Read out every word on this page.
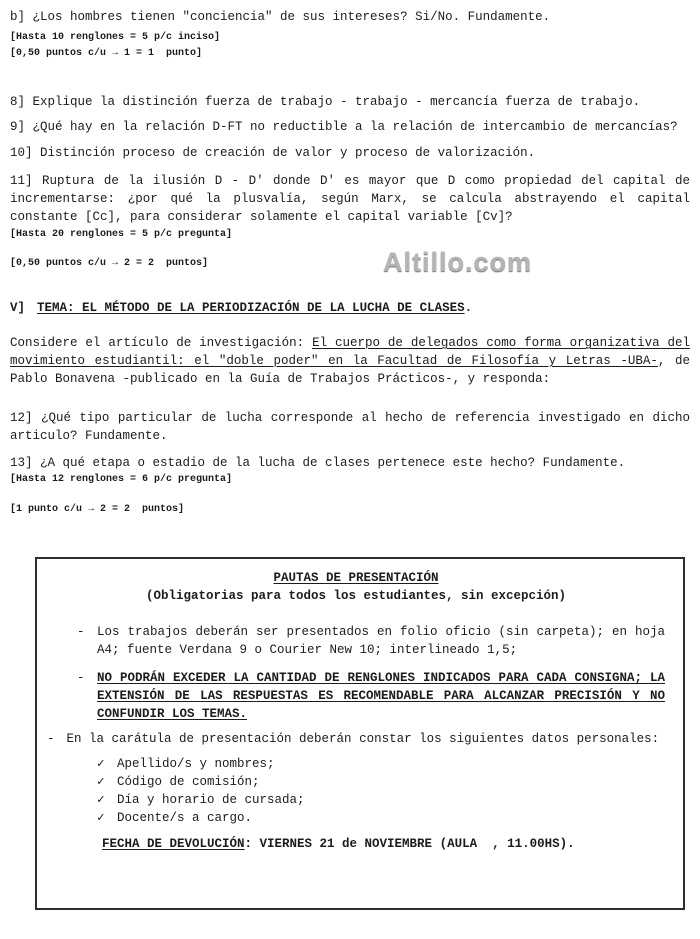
Altillo.com

b] ¿Los hombres tienen "conciencia" de sus intereses? Si/No. Fundamente.

[Hasta 10 renglones = 5 p/c inciso]

[0,50 puntos c/u → 1 = 1  punto]

8] Explique la distinción fuerza de trabajo - trabajo - mercancía fuerza de trabajo.

9] ¿Qué hay en la relación D-FT no reductible a la relación de intercambio de mercancías?

10] Distinción proceso de creación de valor y proceso de valorización.

11] Ruptura de la ilusión D - D' donde D' es mayor que D como propiedad del capital de incrementarse: ¿por qué la plusvalía, según Marx, se calcula abstrayendo el capital constante [Cc], para considerar solamente el capital variable [Cv]?

[Hasta 20 renglones = 5 p/c pregunta]

[0,50 puntos c/u → 2 = 2  puntos]

V] TEMA: EL MÉTODO DE LA PERIODIZACIÓN DE LA LUCHA DE CLASES.

Considere el artículo de investigación: El cuerpo de delegados como forma organizativa del movimiento estudiantil: el "doble poder" en la Facultad de Filosofía y Letras -UBA-, de Pablo Bonavena -publicado en la Guía de Trabajos Prácticos-, y responda:

12] ¿Qué tipo particular de lucha corresponde al hecho de referencia investigado en dicho articulo? Fundamente.

13] ¿A qué etapa o estadio de la lucha de clases pertenece este hecho? Fundamente.

[Hasta 12 renglones = 6 p/c pregunta]

[1 punto c/u → 2 = 2  puntos]

PAUTAS DE PRESENTACIÓN

(Obligatorias para todos los estudiantes, sin excepción)

- Los trabajos deberán ser presentados en folio oficio (sin carpeta); en hoja A4; fuente Verdana 9 o Courier New 10; interlineado 1,5;
- NO PODRÁN EXCEDER LA CANTIDAD DE RENGLONES INDICADOS PARA CADA CONSIGNA; LA EXTENSIÓN DE LAS RESPUESTAS ES RECOMENDABLE PARA ALCANZAR PRECISIÓN Y NO CONFUNDIR LOS TEMAS.

- En la carátula de presentación deberán constar los siguientes datos personales:

✓ Apellido/s y nombres;
✓ Código de comisión;
✓ Día y horario de cursada;
✓ Docente/s a cargo.

FECHA DE DEVOLUCIÓN: VIERNES 21 de NOVIEMBRE (AULA  , 11.00HS).
